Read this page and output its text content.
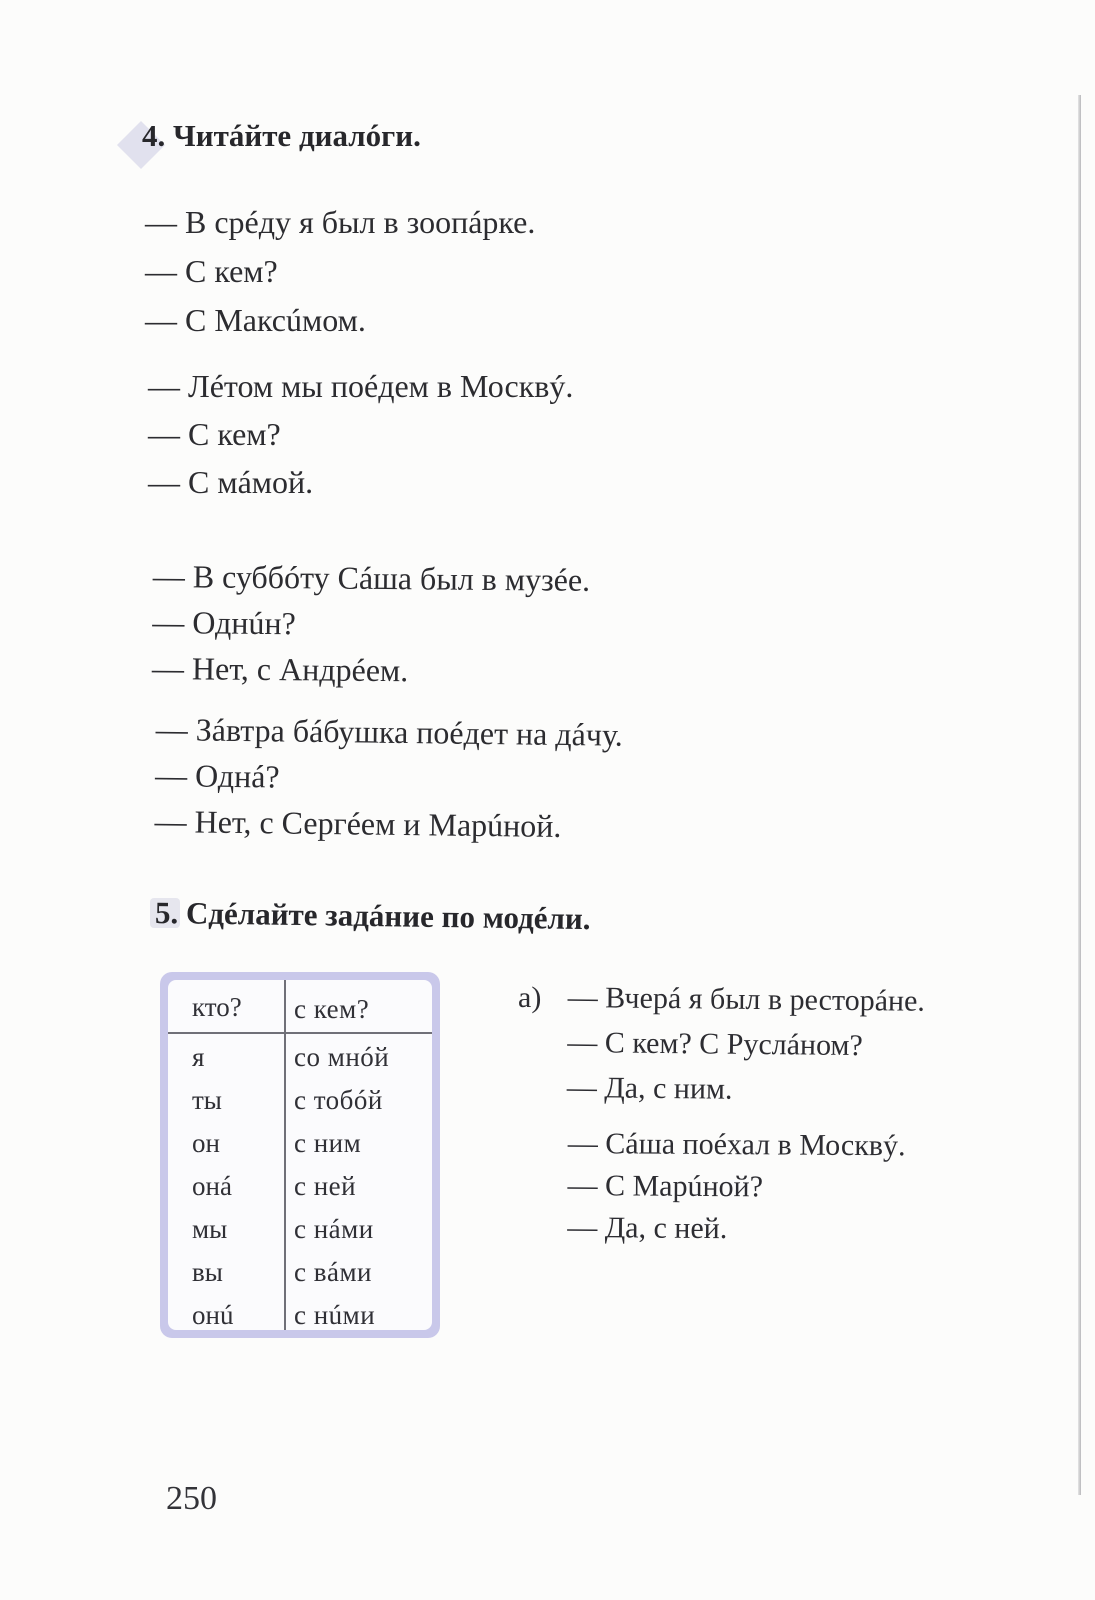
4. Читáйте диалóги.
— В срéду я был в зоопáрке.
— С кем?
— С Максúмом.
— Лéтом мы поéдем в Москвý.
— С кем?
— С мáмой.
— В суббóту Сáша был в музéе.
— Однúн?
— Нет, с Андрéем.
— Зáвтра бáбушка поéдет на дáчу.
— Однá?
— Нет, с Сергéем и Марúной.
5. Сдéлайте задáние по модéли.
кто? с кем?
я	со мнóй
ты	с тобóй
он	с ним
онá с ней
мы с нáми
вы	с вáми
онú с нúми
а) — Вчерá я был в ресторáне.
— С кем? С Руслáном?
— Да, с ним.
— Сáша поéхал в Москвý.
— С Марúной?
— Да, с ней.
250
